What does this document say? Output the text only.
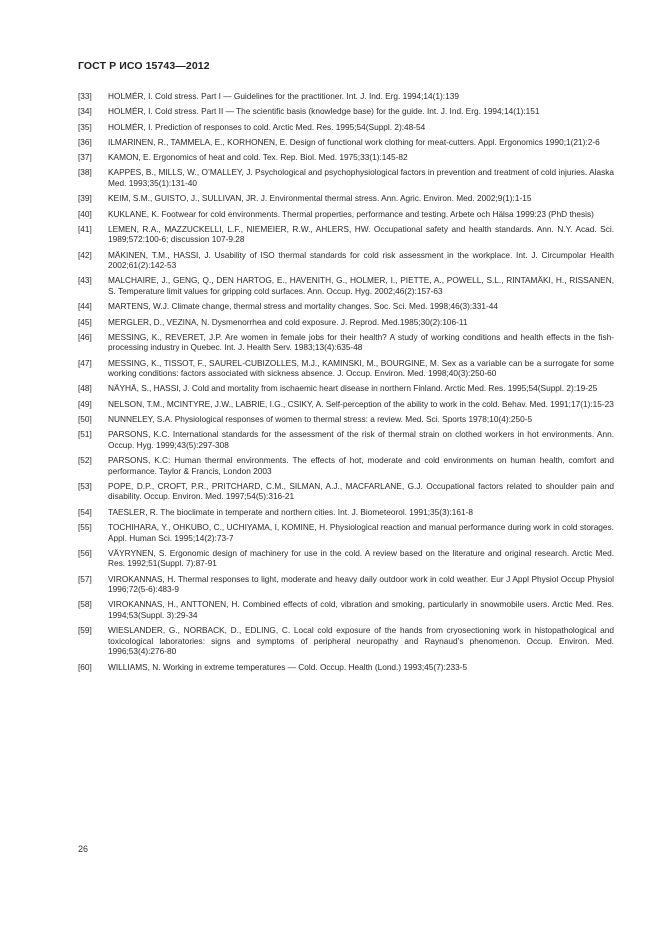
ГОСТ Р ИСО 15743—2012
[33]	HOLMÉR, I. Cold stress. Part I — Guidelines for the practitioner. Int. J. Ind. Erg. 1994;14(1):139
[34]	HOLMÉR, I. Cold stress. Part II — The scientific basis (knowledge base) for the guide. Int. J. Ind. Erg. 1994;14(1):151
[35]	HOLMÉR, I. Prediction of responses to cold. Arctic Med. Res. 1995;54(Suppl. 2):48-54
[36]	ILMARINEN, R., TAMMELA, E., KORHONEN, E. Design of functional work clothing for meat-cutters. Appl. Ergonomics 1990;1(21):2-6
[37]	KAMON, E. Ergonomics of heat and cold. Tex. Rep. Biol. Med. 1975;33(1):145-82
[38]	KAPPES, B., MILLS, W., O’MALLEY, J. Psychological and psychophysiological factors in prevention and treatment of cold injuries. Alaska Med. 1993;35(1):131-40
[39]	KEIM, S.M., GUISTO, J., SULLIVAN, JR. J. Environmental thermal stress. Ann. Agric. Environ. Med. 2002;9(1):1-15
[40]	KUKLANE, K. Footwear for cold environments. Thermal properties, performance and testing. Arbete och Hälsa 1999:23 (PhD thesis)
[41]	LEMEN, R.A., MAZZUCKELLI, L.F., NIEMEIER, R.W., AHLERS, HW. Occupational safety and health standards. Ann. N.Y. Acad. Sci. 1989;572:100-6; discussion 107-9.28
[42]	MÄKINEN, T.M., HASSI, J. Usability of ISO thermal standards for cold risk assessment in the workplace. Int. J. Circumpolar Health 2002;61(2):142-53
[43]	MALCHAIRE, J., GENG, Q., DEN HARTOG, E., HAVENITH, G., HOLMER, I., PIETTE, A., POWELL, S.L., RINTAMÄKI, H., RISSANEN, S. Temperature limit values for gripping cold surfaces. Ann. Occup. Hyg. 2002;46(2):157-63
[44]	MARTENS, W.J. Climate change, thermal stress and mortality changes. Soc. Sci. Med. 1998;46(3):331-44
[45]	MERGLER, D., VEZINA, N. Dysmenorrhea and cold exposure. J. Reprod. Med.1985;30(2):106-11
[46]	MESSING, K., REVERET, J.P. Are women in female jobs for their health? A study of working conditions and health effects in the fish-processing industry in Quebec. Int. J. Health Serv. 1983;13(4):635-48
[47]	MESSING, K., TISSOT, F., SAUREL-CUBIZOLLES, M.J., KAMINSKI, M., BOURGINE, M. Sex as a variable can be a surrogate for some working conditions: factors associated with sickness absence. J. Occup. Environ. Med. 1998;40(3):250-60
[48]	NÄYHÄ, S., HASSI, J. Cold and mortality from ischaemic heart disease in northern Finland. Arctic Med. Res. 1995;54(Suppl. 2):19-25
[49]	NELSON, T.M., MCINTYRE, J.W., LABRIE, I.G., CSIKY, A. Self-perception of the ability to work in the cold. Behav. Med. 1991;17(1):15-23
[50]	NUNNELEY, S.A. Physiological responses of women to thermal stress: a review. Med. Sci. Sports 1978;10(4):250-5
[51]	PARSONS, K.C. International standards for the assessment of the risk of thermal strain on clothed workers in hot environments. Ann. Occup. Hyg. 1999;43(5):297-308
[52]	PARSONS, K.C: Human thermal environments. The effects of hot, moderate and cold environments on human health, comfort and performance. Taylor & Francis, London 2003
[53]	POPE, D.P., CROFT, P.R., PRITCHARD, C.M., SILMAN, A.J., MACFARLANE, G.J. Occupational factors related to shoulder pain and disability. Occup. Environ. Med. 1997;54(5):316-21
[54]	TAESLER, R. The bioclimate in temperate and northern cities. Int. J. Biometeorol. 1991;35(3):161-8
[55]	TOCHIHARA, Y., OHKUBO, C., UCHIYAMA, I, KOMINE, H. Physiological reaction and manual performance during work in cold storages. Appl. Human Sci. 1995;14(2):73-7
[56]	VÄYRYNEN, S. Ergonomic design of machinery for use in the cold. A review based on the literature and original research. Arctic Med. Res. 1992;51(Suppl. 7):87-91
[57]	VIROKANNAS, H. Thermal responses to light, moderate and heavy daily outdoor work in cold weather. Eur J Appl Physiol Occup Physiol 1996;72(5-6):483-9
[58]	VIROKANNAS, H., ANTTONEN, H. Combined effects of cold, vibration and smoking, particularly in snowmobile users. Arctic Med. Res. 1994;53(Suppl. 3):29-34
[59]	WIESLANDER, G., NORBACK, D., EDLING, C. Local cold exposure of the hands from cryosectioning work in histopathological and toxicological laboratories: signs and symptoms of peripheral neuropathy and Raynaud’s phenomenon. Occup. Environ. Med. 1996;53(4):276-80
[60]	WILLIAMS, N. Working in extreme temperatures — Cold. Occup. Health (Lond.) 1993;45(7):233-5
26
